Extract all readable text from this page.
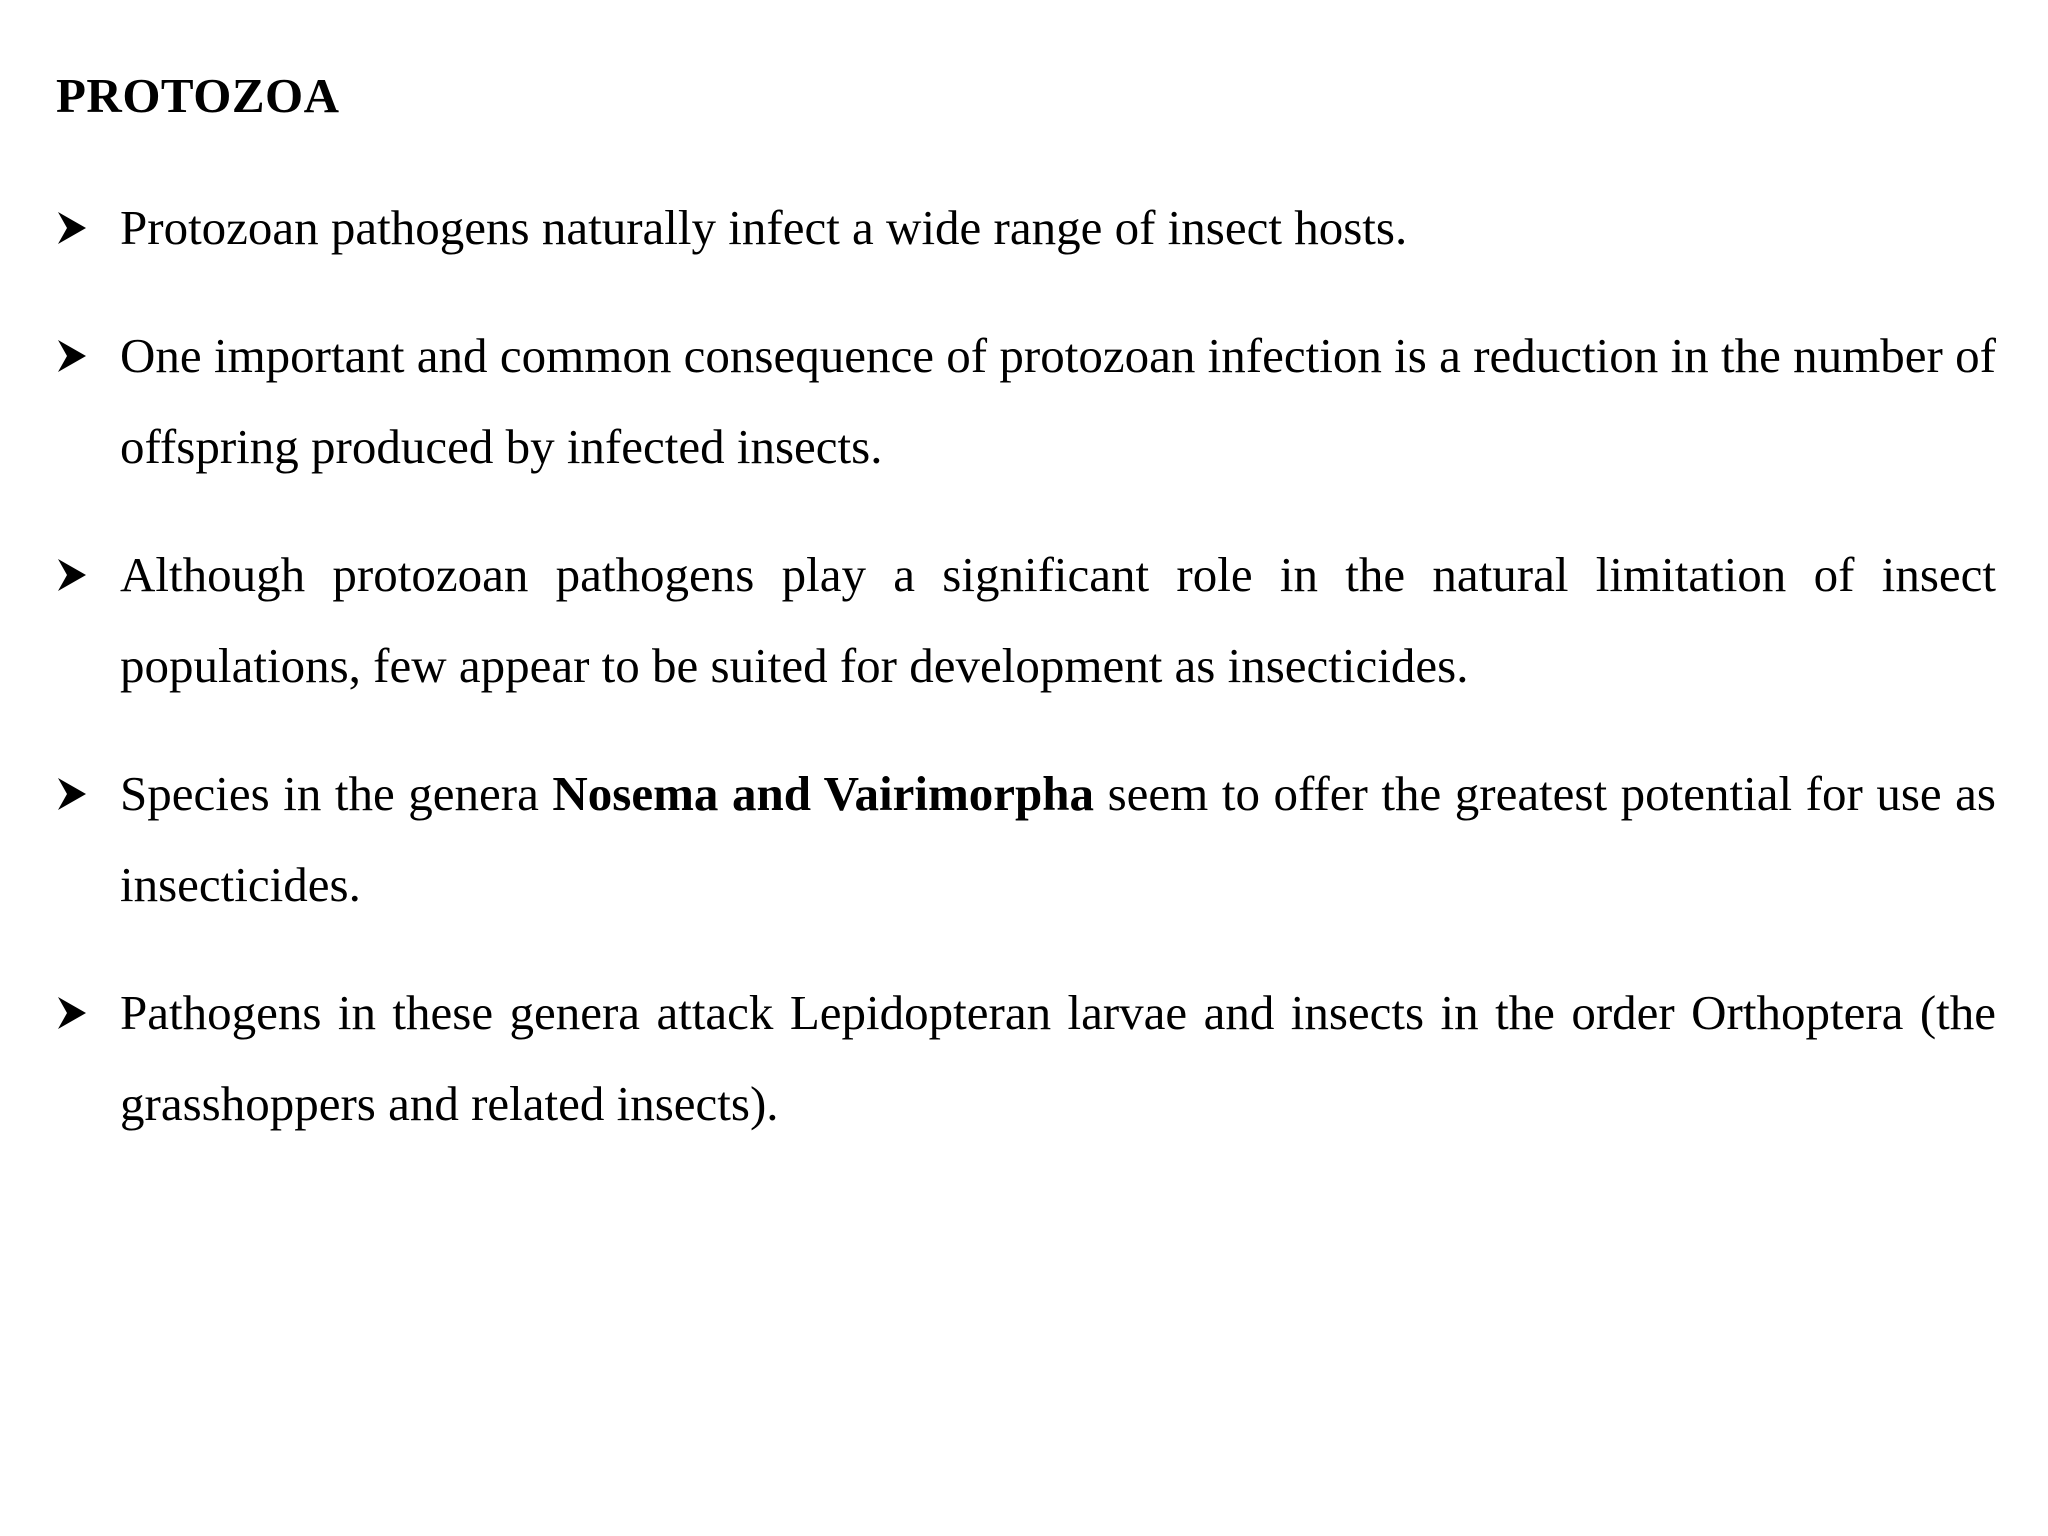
PROTOZOA
Protozoan pathogens naturally infect a wide range of insect hosts.
One important and common consequence of protozoan infection is a reduction in the number of offspring produced by infected insects.
Although protozoan pathogens play a significant role in the natural limitation of insect populations, few appear to be suited for development as insecticides.
Species in the genera Nosema and Vairimorpha seem to offer the greatest potential for use as insecticides.
Pathogens in these genera attack Lepidopteran larvae and insects in the order Orthoptera (the grasshoppers and related insects).
